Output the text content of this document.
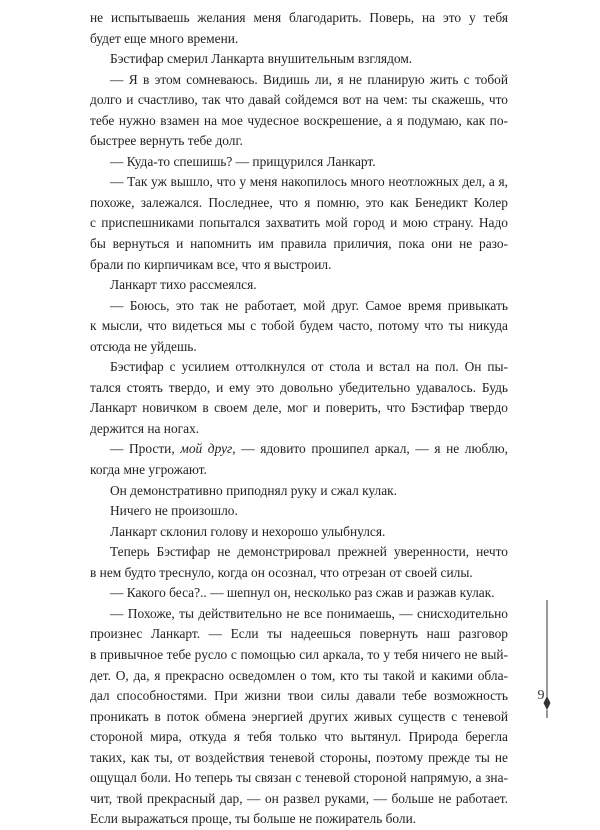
не испытываешь желания меня благодарить. Поверь, на это у тебя
будет еще много времени.
Бэстифар смерил Ланкарта внушительным взглядом.
— Я в этом сомневаюсь. Видишь ли, я не планирую жить с тобой
долго и счастливо, так что давай сойдемся вот на чем: ты скажешь, что
тебе нужно взамен на мое чудесное воскрешение, а я подумаю, как по-
быстрее вернуть тебе долг.
— Куда-то спешишь? — прищурился Ланкарт.
— Так уж вышло, что у меня накопилось много неотложных дел, а я,
похоже, залежался. Последнее, что я помню, это как Бенедикт Колер
с приспешниками попытался захватить мой город и мою страну. Надо
бы вернуться и напомнить им правила приличия, пока они не разо-
брали по кирпичикам все, что я выстроил.
Ланкарт тихо рассмеялся.
— Боюсь, это так не работает, мой друг. Самое время привыкать
к мысли, что видеться мы с тобой будем часто, потому что ты никуда
отсюда не уйдешь.
Бэстифар с усилием оттолкнулся от стола и встал на пол. Он пы-
тался стоять твердо, и ему это довольно убедительно удавалось. Будь
Ланкарт новичком в своем деле, мог и поверить, что Бэстифар твердо
держится на ногах.
— Прости, мой друг, — ядовито прошипел аркал, — я не люблю,
когда мне угрожают.
Он демонстративно приподнял руку и сжал кулак.
Ничего не произошло.
Ланкарт склонил голову и нехорошо улыбнулся.
Теперь Бэстифар не демонстрировал прежней уверенности, нечто
в нем будто треснуло, когда он осознал, что отрезан от своей силы.
— Какого беса?.. — шепнул он, несколько раз сжав и разжав кулак.
— Похоже, ты действительно не все понимаешь, — снисходительно
произнес Ланкарт. — Если ты надеешься повернуть наш разговор
в привычное тебе русло с помощью сил аркала, то у тебя ничего не вый-
дет. О, да, я прекрасно осведомлен о том, кто ты такой и какими обла-
дал способностями. При жизни твои силы давали тебе возможность
проникать в поток обмена энергией других живых существ с теневой
стороной мира, откуда я тебя только что вытянул. Природа берегла
таких, как ты, от воздействия теневой стороны, поэтому прежде ты не
ощущал боли. Но теперь ты связан с теневой стороной напрямую, а зна-
чит, твой прекрасный дар, — он развел руками, — больше не работает.
Если выражаться проще, ты больше не пожиратель боли.
9
